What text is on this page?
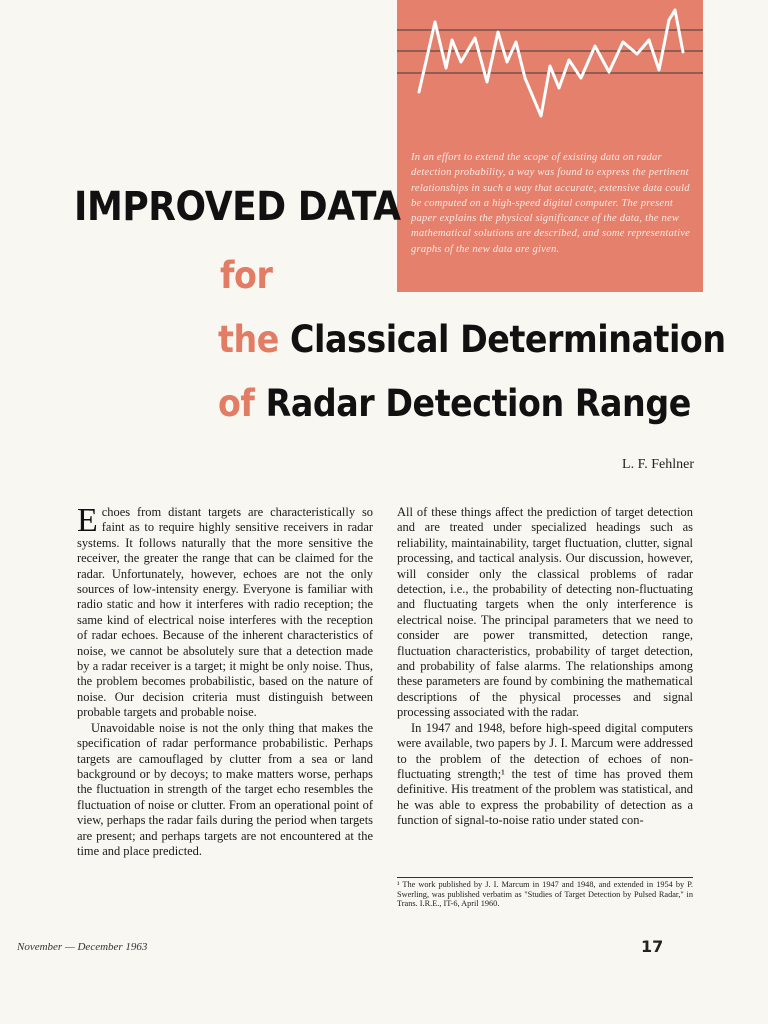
In an effort to extend the scope of existing data on radar detection probability, a way was found to express the pertinent relationships in such a way that accurate, extensive data could be computed on a high-speed digital computer. The present paper explains the physical significance of the data, the new mathematical solutions are described, and some representative graphs of the new data are given.
IMPROVED DATA
for
the Classical Determination
of Radar Detection Range
L. F. Fehlner

Echoes from distant targets are characteristically so faint as to require highly sensitive receivers in radar systems. It follows naturally that the more sensitive the receiver, the greater the range that can be claimed for the radar. Unfortunately, however, echoes are not the only sources of low-intensity energy. Everyone is familiar with radio static and how it interferes with radio reception; the same kind of electrical noise interferes with the reception of radar echoes. Because of the inherent characteristics of noise, we cannot be absolutely sure that a detection made by a radar receiver is a target; it might be only noise. Thus, the problem becomes probabilistic, based on the nature of noise. Our decision criteria must distinguish between probable targets and probable noise.

Unavoidable noise is not the only thing that makes the specification of radar performance probabilistic. Perhaps targets are camouflaged by clutter from a sea or land background or by decoys; to make matters worse, perhaps the fluctuation in strength of the target echo resembles the fluctuation of noise or clutter. From an operational point of view, perhaps the radar fails during the period when targets are present; and perhaps targets are not encountered at the time and place predicted.

All of these things affect the prediction of target detection and are treated under specialized headings such as reliability, maintainability, target fluctuation, clutter, signal processing, and tactical analysis. Our discussion, however, will consider only the classical problems of radar detection, i.e., the probability of detecting non-fluctuating and fluctuating targets when the only interference is electrical noise. The principal parameters that we need to consider are power transmitted, detection range, fluctuation characteristics, probability of target detection, and probability of false alarms. The relationships among these parameters are found by combining the mathematical descriptions of the physical processes and signal processing associated with the radar.

In 1947 and 1948, before high-speed digital computers were available, two papers by J. I. Marcum were addressed to the problem of the detection of echoes of non-fluctuating strength;¹ the test of time has proved them definitive. His treatment of the problem was statistical, and he was able to express the probability of detection as a function of signal-to-noise ratio under stated con-

¹ The work published by J. I. Marcum in 1947 and 1948, and extended in 1954 by P. Swerling, was published verbatim as "Studies of Target Detection by Pulsed Radar," in Trans. I.R.E., IT-6, April 1960.
November — December 1963	17
